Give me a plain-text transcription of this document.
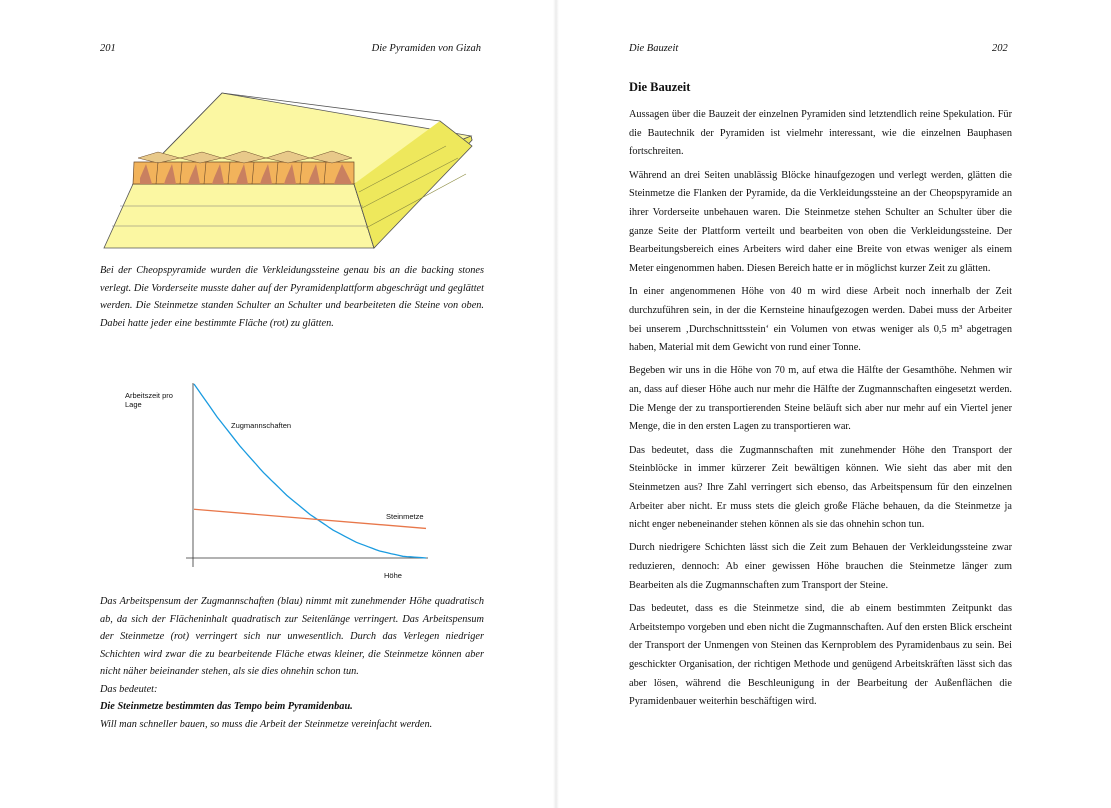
201	Die Pyramiden von Gizah
Bei der Cheopspyramide wurden die Verkleidungssteine genau bis an die backing stones verlegt. Die Vorderseite musste daher auf der Pyramidenplattform abgeschrägt und geglättet werden. Die Steinmetze standen Schulter an Schulter und bearbeiteten die Steine von oben. Dabei hatte jeder eine bestimmte Fläche (rot) zu glätten.
Arbeitszeit pro Lage
Höhe
Zugmannschaften
Steinmetze

Das Arbeitspensum der Zugmannschaften (blau) nimmt mit zunehmender Höhe quadratisch ab, da sich der Flächeninhalt quadratisch zur Seitenlänge verringert. Das Arbeitspensum der Steinmetze (rot) verringert sich nur unwesentlich. Durch das Verlegen niedriger Schichten wird zwar die zu bearbeitende Fläche etwas kleiner, die Steinmetze können aber nicht näher beieinander stehen, als sie dies ohnehin schon tun.

Das bedeutet:

Die Steinmetze bestimmten das Tempo beim Pyramidenbau.

Will man schneller bauen, so muss die Arbeit der Steinmetze vereinfacht werden.

Die Bauzeit	202
Die Bauzeit

Aussagen über die Bauzeit der einzelnen Pyramiden sind letztendlich reine Spekulation. Für die Bautechnik der Pyramiden ist vielmehr interessant, wie die einzelnen Bauphasen fortschreiten.

Während an drei Seiten unablässig Blöcke hinaufgezogen und verlegt werden, glätten die Steinmetze die Flanken der Pyramide, da die Verkleidungssteine an der Cheopspyramide an ihrer Vorderseite unbehauen waren. Die Steinmetze stehen Schulter an Schulter über die ganze Seite der Plattform verteilt und bearbeiten von oben die Verkleidungssteine. Der Bearbeitungsbereich eines Arbeiters wird daher eine Breite von etwas weniger als einem Meter eingenommen haben. Diesen Bereich hatte er in möglichst kurzer Zeit zu glätten.

In einer angenommenen Höhe von 40 m wird diese Arbeit noch innerhalb der Zeit durchzuführen sein, in der die Kernsteine hinaufgezogen werden. Dabei muss der Arbeiter bei unserem ‚Durchschnittsstein‘ ein Volumen von etwas weniger als 0,5 m³ abgetragen haben, Material mit dem Gewicht von rund einer Tonne.

Begeben wir uns in die Höhe von 70 m, auf etwa die Hälfte der Gesamthöhe. Nehmen wir an, dass auf dieser Höhe auch nur mehr die Hälfte der Zugmannschaften eingesetzt werden. Die Menge der zu transportierenden Steine beläuft sich aber nur mehr auf ein Viertel jener Menge, die in den ersten Lagen zu transportieren war.

Das bedeutet, dass die Zugmannschaften mit zunehmender Höhe den Transport der Steinblöcke in immer kürzerer Zeit bewältigen können. Wie sieht das aber mit den Steinmetzen aus? Ihre Zahl verringert sich ebenso, das Arbeitspensum für den einzelnen Arbeiter aber nicht. Er muss stets die gleich große Fläche behauen, da die Steinmetze ja nicht enger nebeneinander stehen können als sie das ohnehin schon tun.

Durch niedrigere Schichten lässt sich die Zeit zum Behauen der Verkleidungssteine zwar reduzieren, dennoch: Ab einer gewissen Höhe brauchen die Steinmetze länger zum Bearbeiten als die Zugmannschaften zum Transport der Steine.

Das bedeutet, dass es die Steinmetze sind, die ab einem bestimmten Zeitpunkt das Arbeitstempo vorgeben und eben nicht die Zugmannschaften. Auf den ersten Blick erscheint der Transport der Unmengen von Steinen das Kernproblem des Pyramidenbaus zu sein. Bei geschickter Organisation, der richtigen Methode und genügend Arbeitskräften lässt sich das aber lösen, während die Beschleunigung in der Bearbeitung der Außenflächen die Pyramidenbauer weiterhin beschäftigen wird.
